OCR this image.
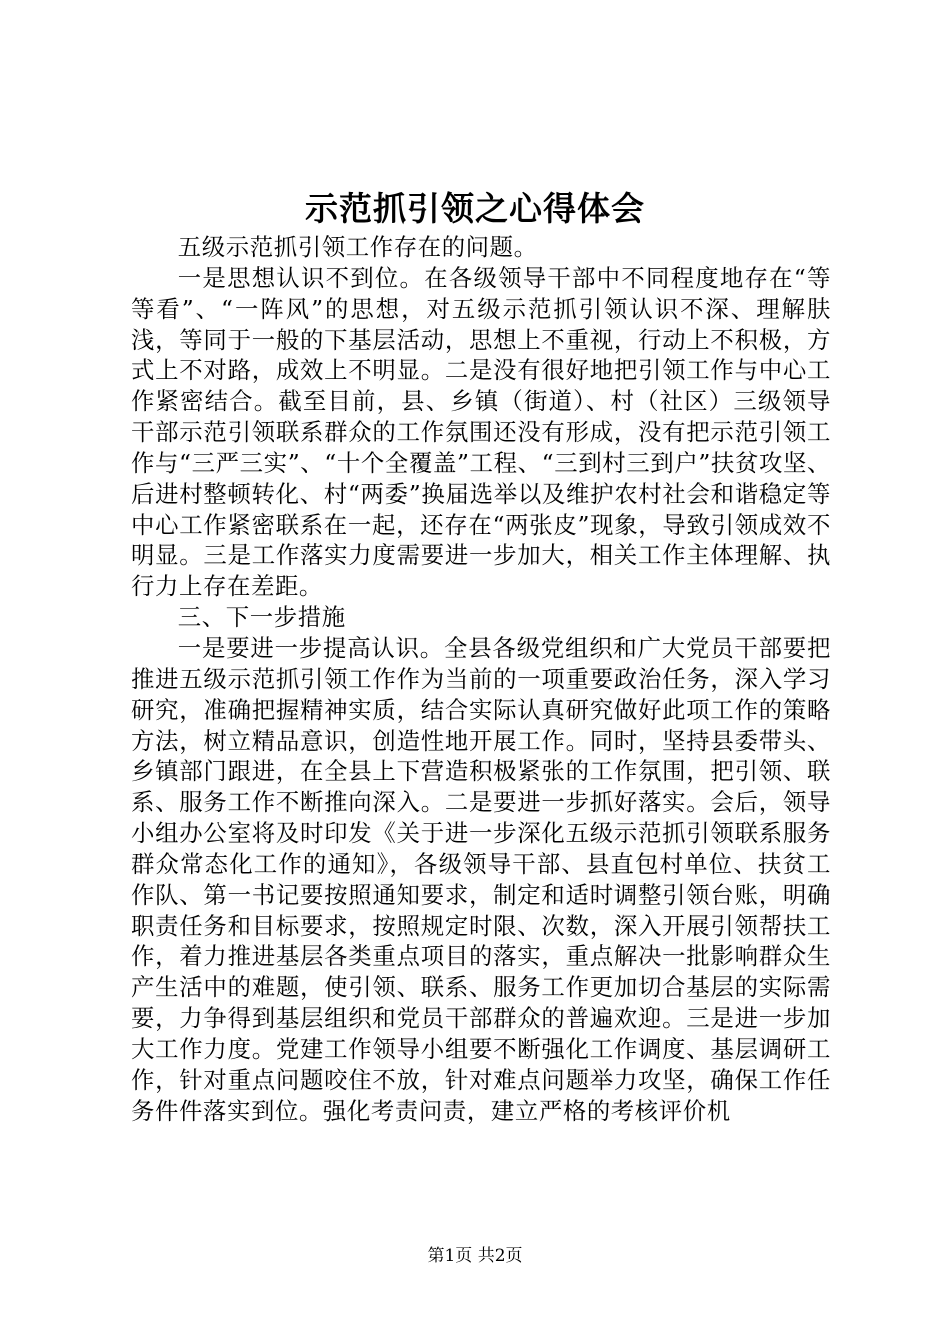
示范抓引领之心得体会

五级示范抓引领工作存在的问题。

一是思想认识不到位。在各级领导干部中不同程度地存在“等等看”、“一阵风”的思想，对五级示范抓引领认识不深、理解肤浅，等同于一般的下基层活动，思想上不重视，行动上不积极，方式上不对路，成效上不明显。二是没有很好地把引领工作与中心工作紧密结合。截至目前，县、乡镇（街道）、村（社区）三级领导干部示范引领联系群众的工作氛围还没有形成，没有把示范引领工作与“三严三实”、“十个全覆盖”工程、“三到村三到户”扶贫攻坚、后进村整顿转化、村“两委”换届选举以及维护农村社会和谐稳定等中心工作紧密联系在一起，还存在“两张皮”现象，导致引领成效不明显。三是工作落实力度需要进一步加大，相关工作主体理解、执行力上存在差距。

三、下一步措施

一是要进一步提高认识。全县各级党组织和广大党员干部要把推进五级示范抓引领工作作为当前的一项重要政治任务，深入学习研究，准确把握精神实质，结合实际认真研究做好此项工作的策略方法，树立精品意识，创造性地开展工作。同时，坚持县委带头、乡镇部门跟进，在全县上下营造积极紧张的工作氛围，把引领、联系、服务工作不断推向深入。二是要进一步抓好落实。会后，领导小组办公室将及时印发《关于进一步深化五级示范抓引领联系服务群众常态化工作的通知》，各级领导干部、县直包村单位、扶贫工作队、第一书记要按照通知要求，制定和适时调整引领台账，明确职责任务和目标要求，按照规定时限、次数，深入开展引领帮扶工作，着力推进基层各类重点项目的落实，重点解决一批影响群众生产生活中的难题，使引领、联系、服务工作更加切合基层的实际需要，力争得到基层组织和党员干部群众的普遍欢迎。三是进一步加大工作力度。党建工作领导小组要不断强化工作调度、基层调研工作，针对重点问题咬住不放，针对难点问题举力攻坚，确保工作任务件件落实到位。强化考责问责，建立严格的考核评价机

第1页 共2页
